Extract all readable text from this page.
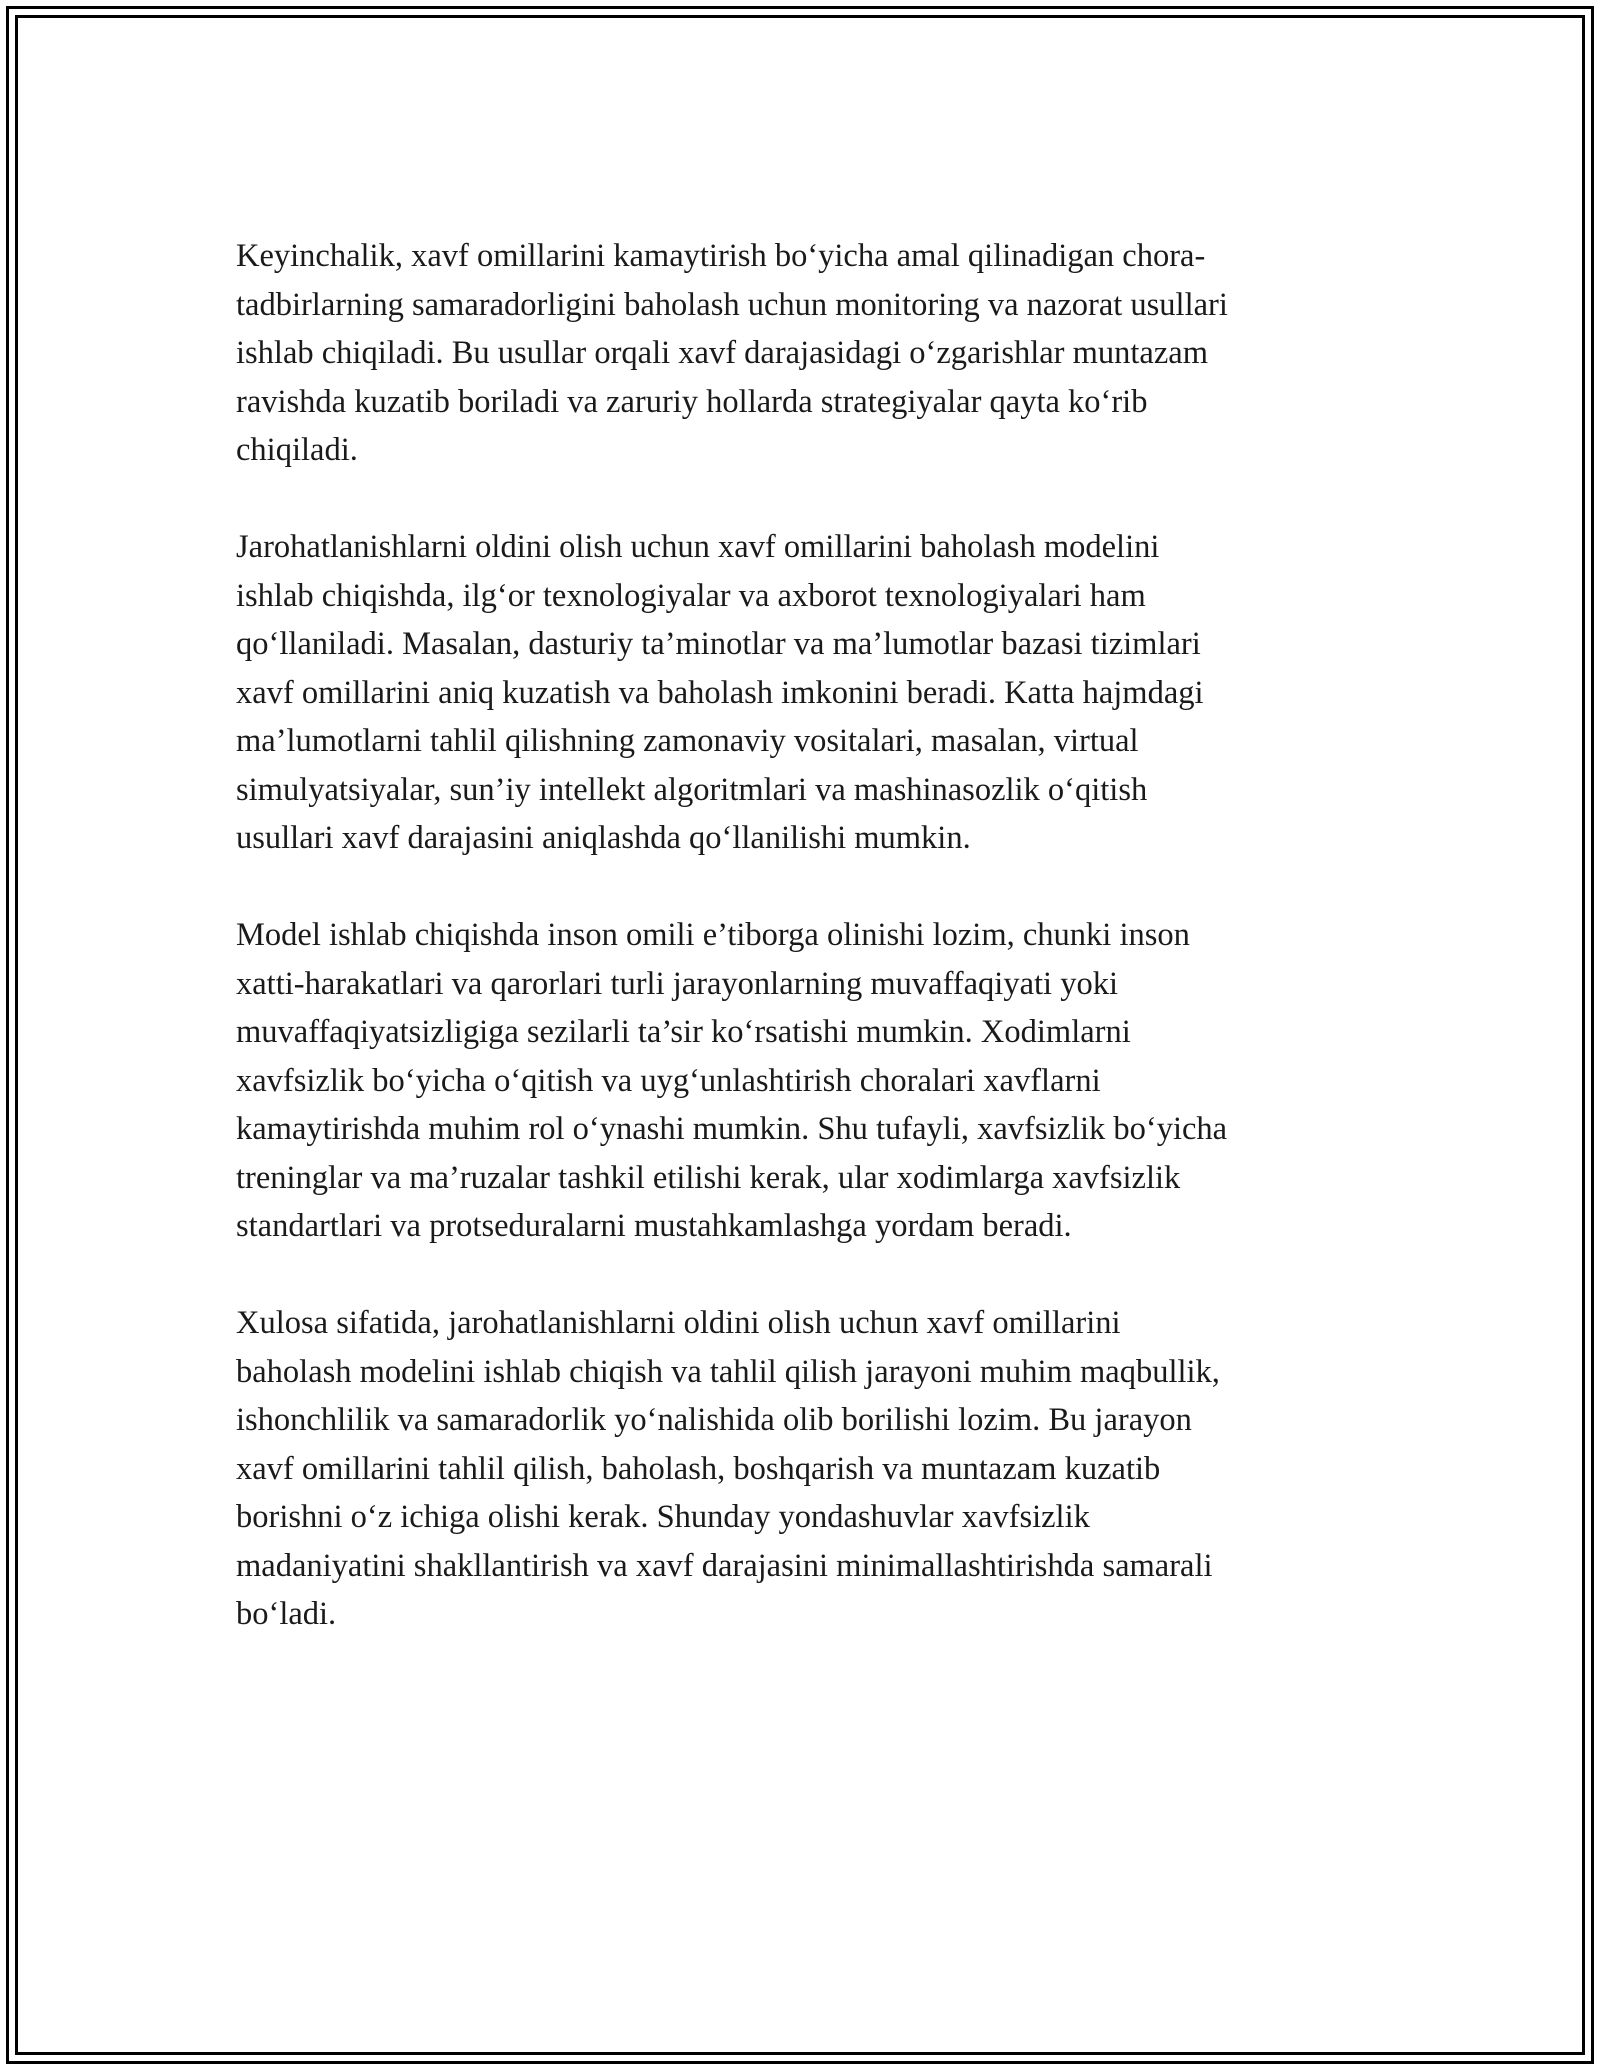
Keyinchalik, xavf omillarini kamaytirish bo‘yicha amal qilinadigan chora-
tadbirlarning samaradorligini baholash uchun monitoring va nazorat usullari
ishlab chiqiladi. Bu usullar orqali xavf darajasidagi o‘zgarishlar muntazam
ravishda kuzatib boriladi va zaruriy hollarda strategiyalar qayta ko‘rib
chiqiladi.
Jarohatlanishlarni oldini olish uchun xavf omillarini baholash modelini
ishlab chiqishda, ilg‘or texnologiyalar va axborot texnologiyalari ham
qo‘llaniladi. Masalan, dasturiy ta’minotlar va ma’lumotlar bazasi tizimlari
xavf omillarini aniq kuzatish va baholash imkonini beradi. Katta hajmdagi
ma’lumotlarni tahlil qilishning zamonaviy vositalari, masalan, virtual
simulyatsiyalar, sun’iy intellekt algoritmlari va mashinasozlik o‘qitish
usullari xavf darajasini aniqlashda qo‘llanilishi mumkin.
Model ishlab chiqishda inson omili e’tiborga olinishi lozim, chunki inson
xatti-harakatlari va qarorlari turli jarayonlarning muvaffaqiyati yoki
muvaffaqiyatsizligiga sezilarli ta’sir ko‘rsatishi mumkin. Xodimlarni
xavfsizlik bo‘yicha o‘qitish va uyg‘unlashtirish choralari xavflarni
kamaytirishda muhim rol o‘ynashi mumkin. Shu tufayli, xavfsizlik bo‘yicha
treninglar va ma’ruzalar tashkil etilishi kerak, ular xodimlarga xavfsizlik
standartlari va protseduralarni mustahkamlashga yordam beradi.
Xulosa sifatida, jarohatlanishlarni oldini olish uchun xavf omillarini
baholash modelini ishlab chiqish va tahlil qilish jarayoni muhim maqbullik,
ishonchlilik va samaradorlik yo‘nalishida olib borilishi lozim. Bu jarayon
xavf omillarini tahlil qilish, baholash, boshqarish va muntazam kuzatib
borishni o‘z ichiga olishi kerak. Shunday yondashuvlar xavfsizlik
madaniyatini shakllantirish va xavf darajasini minimallashtirishda samarali
bo‘ladi.
